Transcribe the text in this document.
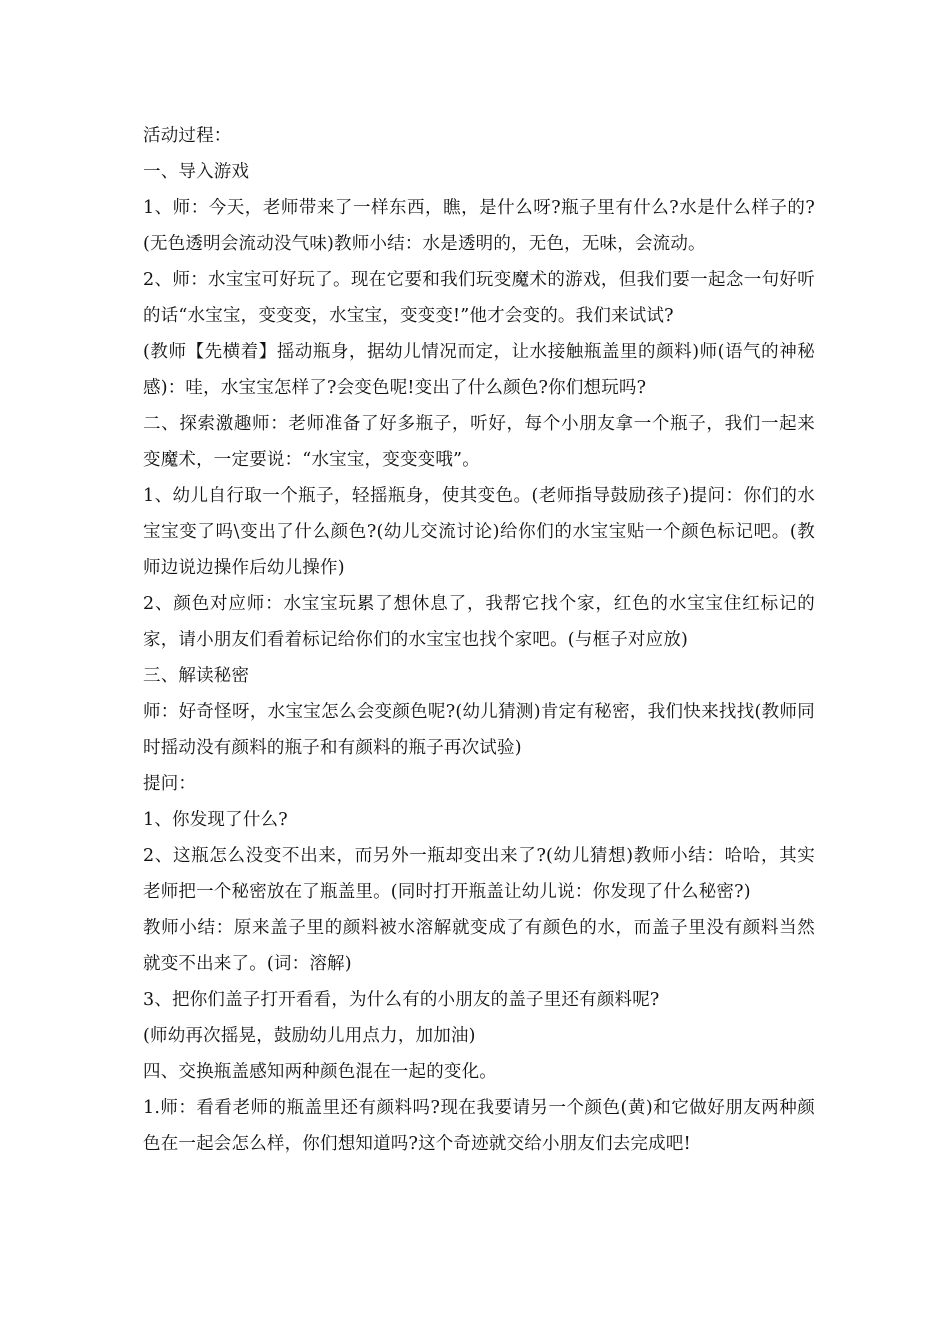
活动过程：

一、导入游戏

1、师：今天，老师带来了一样东西，瞧，是什么呀?瓶子里有什么?水是什么样子的?(无色透明会流动没气味)教师小结：水是透明的，无色，无味，会流动。

2、师：水宝宝可好玩了。现在它要和我们玩变魔术的游戏，但我们要一起念一句好听的话“水宝宝，变变变，水宝宝，变变变!”他才会变的。我们来试试?

(教师【先横着】摇动瓶身，据幼儿情况而定，让水接触瓶盖里的颜料)师(语气的神秘感)：哇，水宝宝怎样了?会变色呢!变出了什么颜色?你们想玩吗?

二、探索激趣师：老师准备了好多瓶子，听好，每个小朋友拿一个瓶子，我们一起来变魔术，一定要说：“水宝宝，变变变哦”。

1、幼儿自行取一个瓶子，轻摇瓶身，使其变色。(老师指导鼓励孩子)提问：你们的水宝宝变了吗\变出了什么颜色?(幼儿交流讨论)给你们的水宝宝贴一个颜色标记吧。(教师边说边操作后幼儿操作)

2、颜色对应师：水宝宝玩累了想休息了，我帮它找个家，红色的水宝宝住红标记的家，请小朋友们看着标记给你们的水宝宝也找个家吧。(与框子对应放)

三、解读秘密

师：好奇怪呀，水宝宝怎么会变颜色呢?(幼儿猜测)肯定有秘密，我们快来找找(教师同时摇动没有颜料的瓶子和有颜料的瓶子再次试验)

提问：

1、你发现了什么?

2、这瓶怎么没变不出来，而另外一瓶却变出来了?(幼儿猜想)教师小结：哈哈，其实老师把一个秘密放在了瓶盖里。(同时打开瓶盖让幼儿说：你发现了什么秘密?)

教师小结：原来盖子里的颜料被水溶解就变成了有颜色的水，而盖子里没有颜料当然就变不出来了。(词：溶解)

3、把你们盖子打开看看，为什么有的小朋友的盖子里还有颜料呢?

(师幼再次摇晃，鼓励幼儿用点力，加加油)

四、交换瓶盖感知两种颜色混在一起的变化。

1.师：看看老师的瓶盖里还有颜料吗?现在我要请另一个颜色(黄)和它做好朋友两种颜色在一起会怎么样，你们想知道吗?这个奇迹就交给小朋友们去完成吧!
